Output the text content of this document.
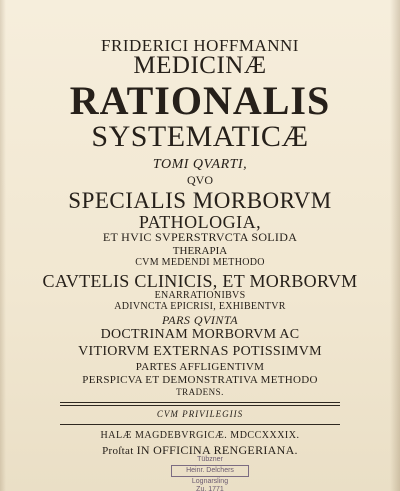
FRIDERICI HOFFMANNI
MEDICINÆ
RATIONALIS
SYSTEMATICÆ
TOMI QVARTI,
QVO
SPECIALIS MORBORVM
PATHOLOGIA,
ET HVIC SVPERSTRVCTA SOLIDA
THERAPIA
CVM MEDENDI METHODO
CAVTELIS CLINICIS, ET MORBORVM
ENARRATIONIBVS
ADIVNCTA EPICRISI, EXHIBENTVR
PARS QVINTA
DOCTRINAM MORBORVM AC
VITIORVM EXTERNAS POTISSIMVM
PARTES AFFLIGENTIVM
PERSPICVA ET DEMONSTRATIVA METHODO
TRADENS.
CVM PRIVILEGIIS
HALÆ MAGDEBVRGICÆ. MDCCXXXIX.
Proſtat IN OFFICINA RENGERIANA.
Tübzner
Heinr. Delchers
Lognarsling
Zu. 1771
